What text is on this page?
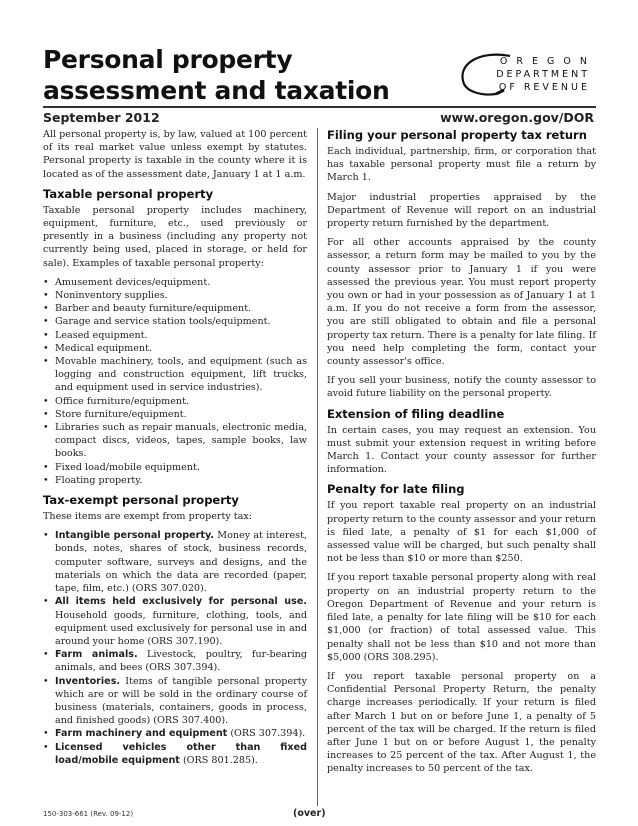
Personal property assessment and taxation
O R E G O N
DEPARTMENT
OF REVENUE
September 2012	www.oregon.gov/DOR

All personal property is, by law, valued at 100 percent of its real market value unless exempt by statutes. Personal property is taxable in the county where it is located as of the assessment date, January 1 at 1 a.m.

Taxable personal property

Taxable personal property includes machinery, equipment, furniture, etc., used previously or presently in a business (including any property not currently being used, placed in storage, or held for sale). Examples of taxable personal property:

• Amusement devices/equipment.
• Noninventory supplies.
• Barber and beauty furniture/equipment.
• Garage and service station tools/equipment.
• Leased equipment.
• Medical equipment.
• Movable machinery, tools, and equipment (such as logging and construction equipment, lift trucks, and equipment used in service industries).
• Office furniture/equipment.
• Store furniture/equipment.
• Libraries such as repair manuals, electronic media, compact discs, videos, tapes, sample books, law books.
• Fixed load/mobile equipment.
• Floating property.
Tax-exempt personal property

These items are exempt from property tax:

• Intangible personal property. Money at interest, bonds, notes, shares of stock, business records, computer software, surveys and designs, and the materials on which the data are recorded (paper, tape, film, etc.) (ORS 307.020).
• All items held exclusively for personal use. Household goods, furniture, clothing, tools, and equipment used exclusively for personal use in and around your home (ORS 307.190).
• Farm animals. Livestock, poultry, fur-bearing animals, and bees (ORS 307.394).
• Inventories. Items of tangible personal property which are or will be sold in the ordinary course of business (materials, containers, goods in process, and finished goods) (ORS 307.400).
• Farm machinery and equipment (ORS 307.394).
• Licensed vehicles other than fixed load/mobile equipment (ORS 801.285).
Filing your personal property tax return

Each individual, partnership, firm, or corporation that has taxable personal property must file a return by March 1.

Major industrial properties appraised by the Department of Revenue will report on an industrial property return furnished by the department.

For all other accounts appraised by the county assessor, a return form may be mailed to you by the county assessor prior to January 1 if you were assessed the previous year. You must report property you own or had in your possession as of January 1 at 1 a.m. If you do not receive a form from the assessor, you are still obligated to obtain and file a personal property tax return. There is a penalty for late filing. If you need help completing the form, contact your county assessor's office.

If you sell your business, notify the county assessor to avoid future liability on the personal property.

Extension of filing deadline

In certain cases, you may request an extension. You must submit your extension request in writing before March 1. Contact your county assessor for further information.

Penalty for late filing

If you report taxable real property on an industrial property return to the county assessor and your return is filed late, a penalty of $1 for each $1,000 of assessed value will be charged, but such penalty shall not be less than $10 or more than $250.

If you report taxable personal property along with real property on an industrial property return to the Oregon Department of Revenue and your return is filed late, a penalty for late filing will be $10 for each $1,000 (or fraction) of total assessed value. This penalty shall not be less than $10 and not more than $5,000 (ORS 308.295).

If you report taxable personal property on a Confidential Personal Property Return, the penalty charge increases periodically. If your return is filed after March 1 but on or before June 1, a penalty of 5 percent of the tax will be charged. If the return is filed after June 1 but on or before August 1, the penalty increases to 25 percent of the tax. After August 1, the penalty increases to 50 percent of the tax.

150-303-661 (Rev. 09-12)	(over)
